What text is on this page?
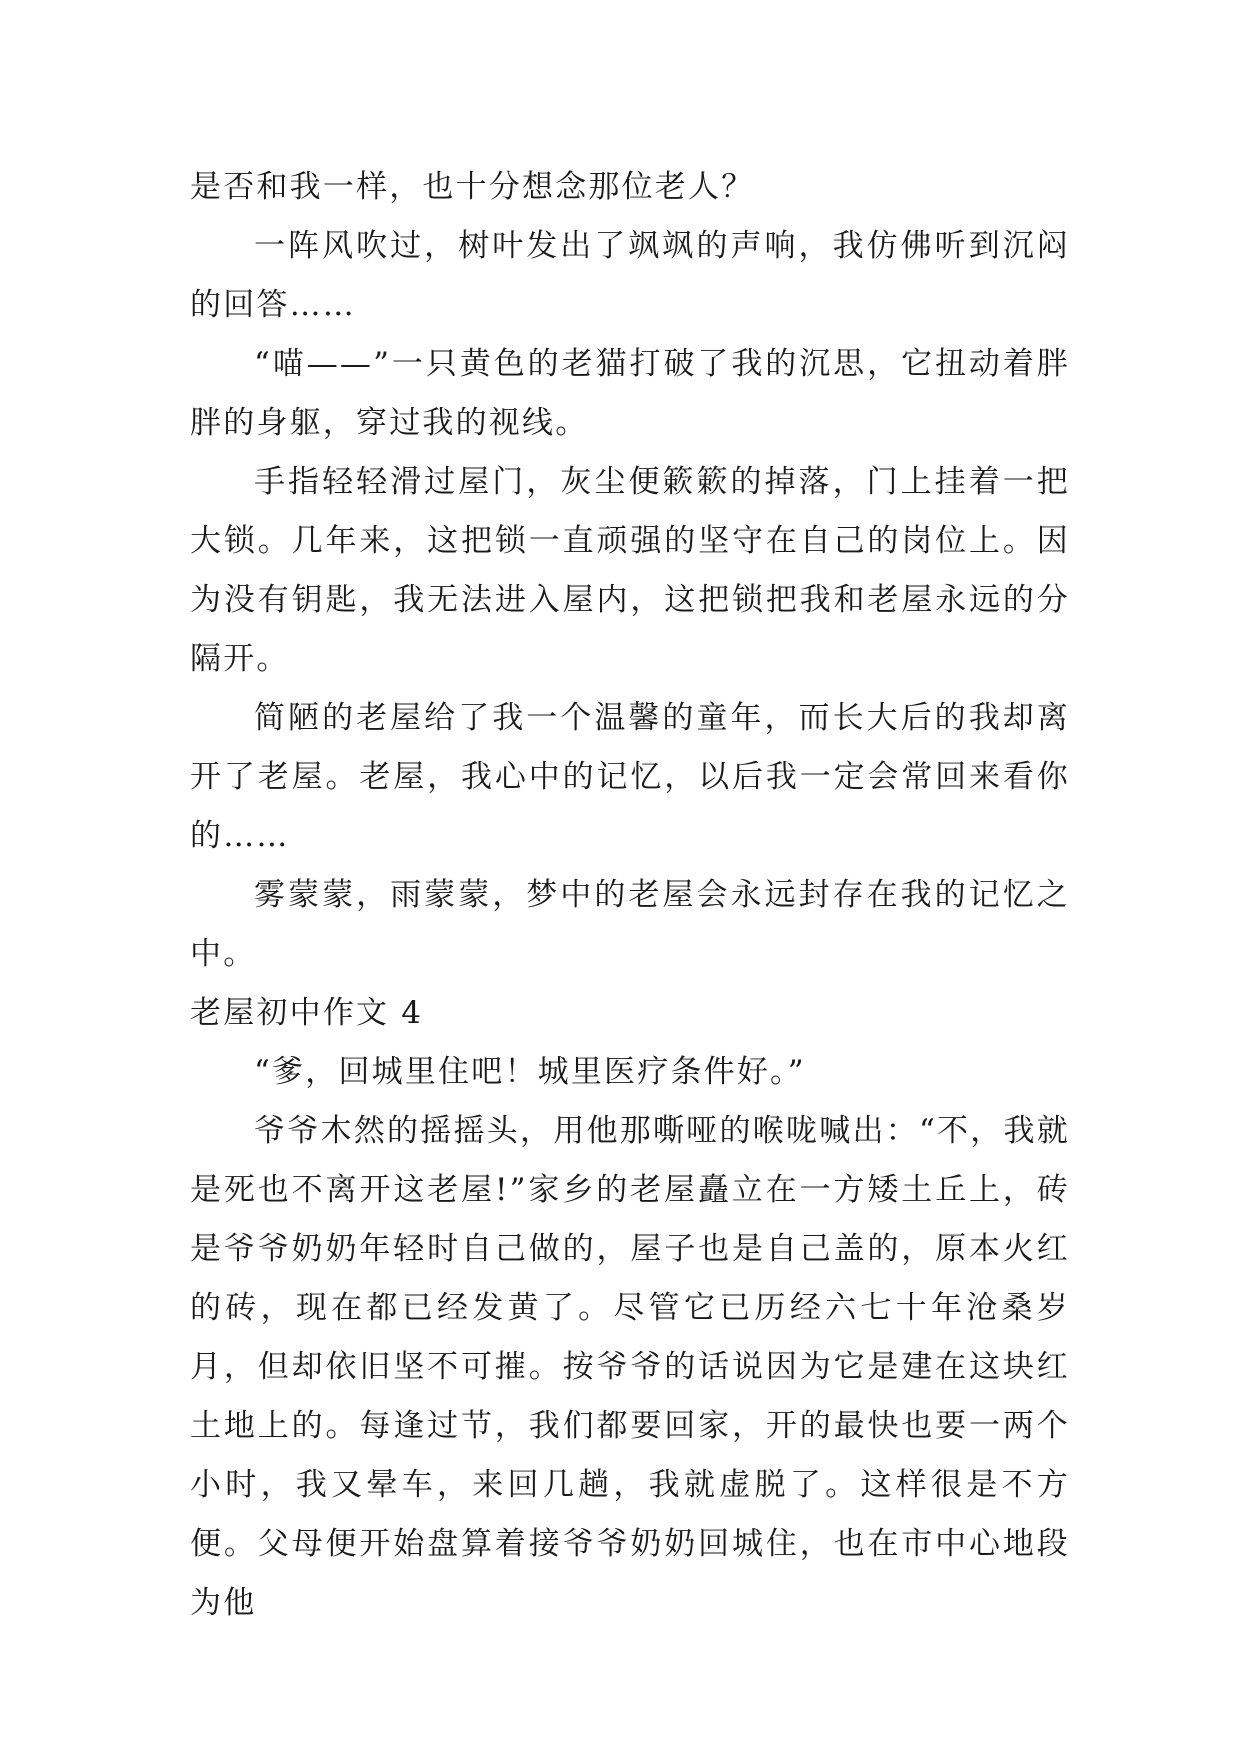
是否和我一样，也十分想念那位老人？

一阵风吹过，树叶发出了飒飒的声响，我仿佛听到沉闷的回答……

“喵——”一只黄色的老猫打破了我的沉思，它扭动着胖胖的身躯，穿过我的视线。

手指轻轻滑过屋门，灰尘便簌簌的掉落，门上挂着一把大锁。几年来，这把锁一直顽强的坚守在自己的岗位上。因为没有钥匙，我无法进入屋内，这把锁把我和老屋永远的分隔开。

简陋的老屋给了我一个温馨的童年，而长大后的我却离开了老屋。老屋，我心中的记忆，以后我一定会常回来看你的……

雾蒙蒙，雨蒙蒙，梦中的老屋会永远封存在我的记忆之中。

老屋初中作文 4

“爹，回城里住吧！城里医疗条件好。”

爷爷木然的摇摇头，用他那嘶哑的喉咙喊出：“不，我就是死也不离开这老屋!”家乡的老屋矗立在一方矮土丘上，砖是爷爷奶奶年轻时自己做的，屋子也是自己盖的，原本火红的砖，现在都已经发黄了。尽管它已历经六七十年沧桑岁月，但却依旧坚不可摧。按爷爷的话说因为它是建在这块红土地上的。每逢过节，我们都要回家，开的最快也要一两个小时，我又晕车，来回几趟，我就虚脱了。这样很是不方便。父母便开始盘算着接爷爷奶奶回城住，也在市中心地段为他
